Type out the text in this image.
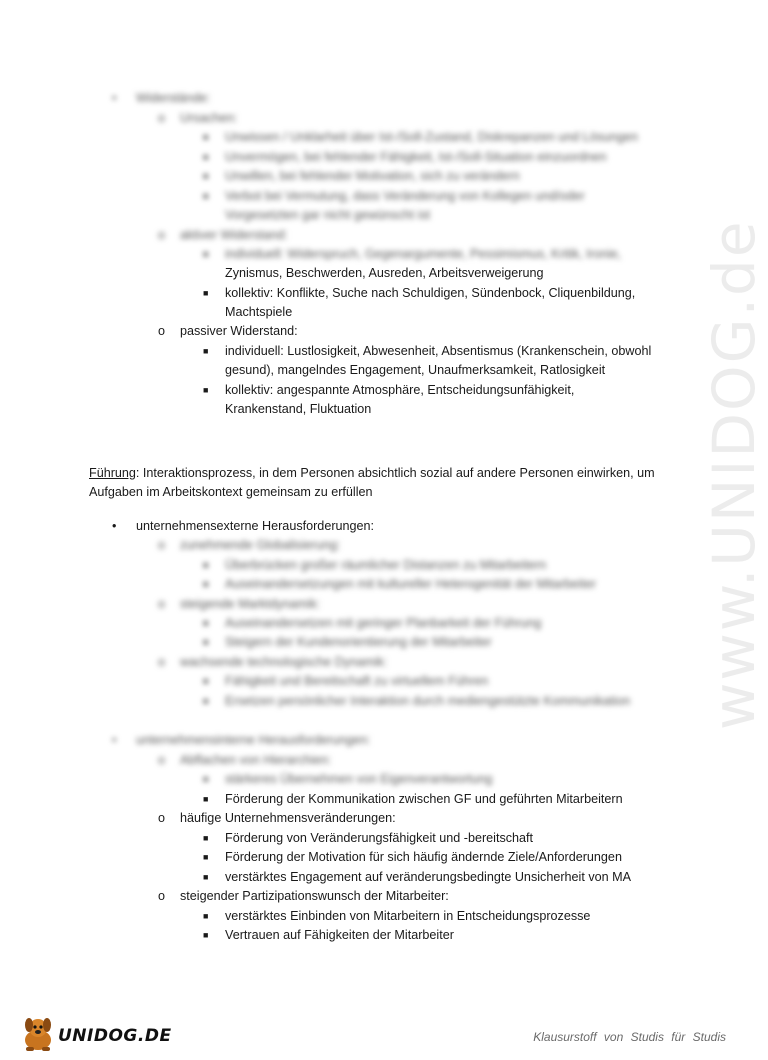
www.UNIDOG.de
• Widerstände:
o Ursachen:
■ Unwissen / Unklarheit über Ist-/Soll-Zustand, Diskrepanzen und Lösungen
■ Unvermögen, bei fehlender Fähigkeit, Ist-/Soll-Situation einzuordnen
■ Unwillen, bei fehlender Motivation, sich zu verändern
■ Verbot bei Vermutung, dass Veränderung von Kollegen und/oder
Vorgesetzten gar nicht gewünscht ist
o aktiver Widerstand:
■ individuell: Widerspruch, Gegenargumente, Pessimismus, Kritik, Ironie,
Zynismus, Beschwerden, Ausreden, Arbeitsverweigerung
■ kollektiv: Konflikte, Suche nach Schuldigen, Sündenbock, Cliquenbildung,
Machtspiele
o passiver Widerstand:
■ individuell: Lustlosigkeit, Abwesenheit, Absentismus (Krankenschein, obwohl
gesund), mangelndes Engagement, Unaufmerksamkeit, Ratlosigkeit
■ kollektiv: angespannte Atmosphäre, Entscheidungsunfähigkeit,
Krankenstand, Fluktuation
Führung: Interaktionsprozess, in dem Personen absichtlich sozial auf andere Personen einwirken, um
Aufgaben im Arbeitskontext gemeinsam zu erfüllen
• unternehmensexterne Herausforderungen:
o zunehmende Globalisierung:
■ Überbrücken großer räumlicher Distanzen zu Mitarbeitern
■ Auseinandersetzungen mit kultureller Heterogenität der Mitarbeiter
o steigende Marktdynamik:
■ Auseinandersetzen mit geringer Planbarkeit der Führung
■ Steigern der Kundenorientierung der Mitarbeiter
o wachsende technologische Dynamik:
■ Fähigkeit und Bereitschaft zu virtuellem Führen
■ Ersetzen persönlicher Interaktion durch mediengestützte Kommunikation
• unternehmensinterne Herausforderungen:
o Abflachen von Hierarchien:
■ stärkeres Übernehmen von Eigenverantwortung
■ Förderung der Kommunikation zwischen GF und geführten Mitarbeitern
o häufige Unternehmensveränderungen:
■ Förderung von Veränderungsfähigkeit und -bereitschaft
■ Förderung der Motivation für sich häufig ändernde Ziele/Anforderungen
■ verstärktes Engagement auf veränderungsbedingte Unsicherheit von MA
o steigender Partizipationswunsch der Mitarbeiter:
■ verstärktes Einbinden von Mitarbeitern in Entscheidungsprozesse
■ Vertrauen auf Fähigkeiten der Mitarbeiter
UNIDOG.DE	Klausurstoff von Studis für Studis
